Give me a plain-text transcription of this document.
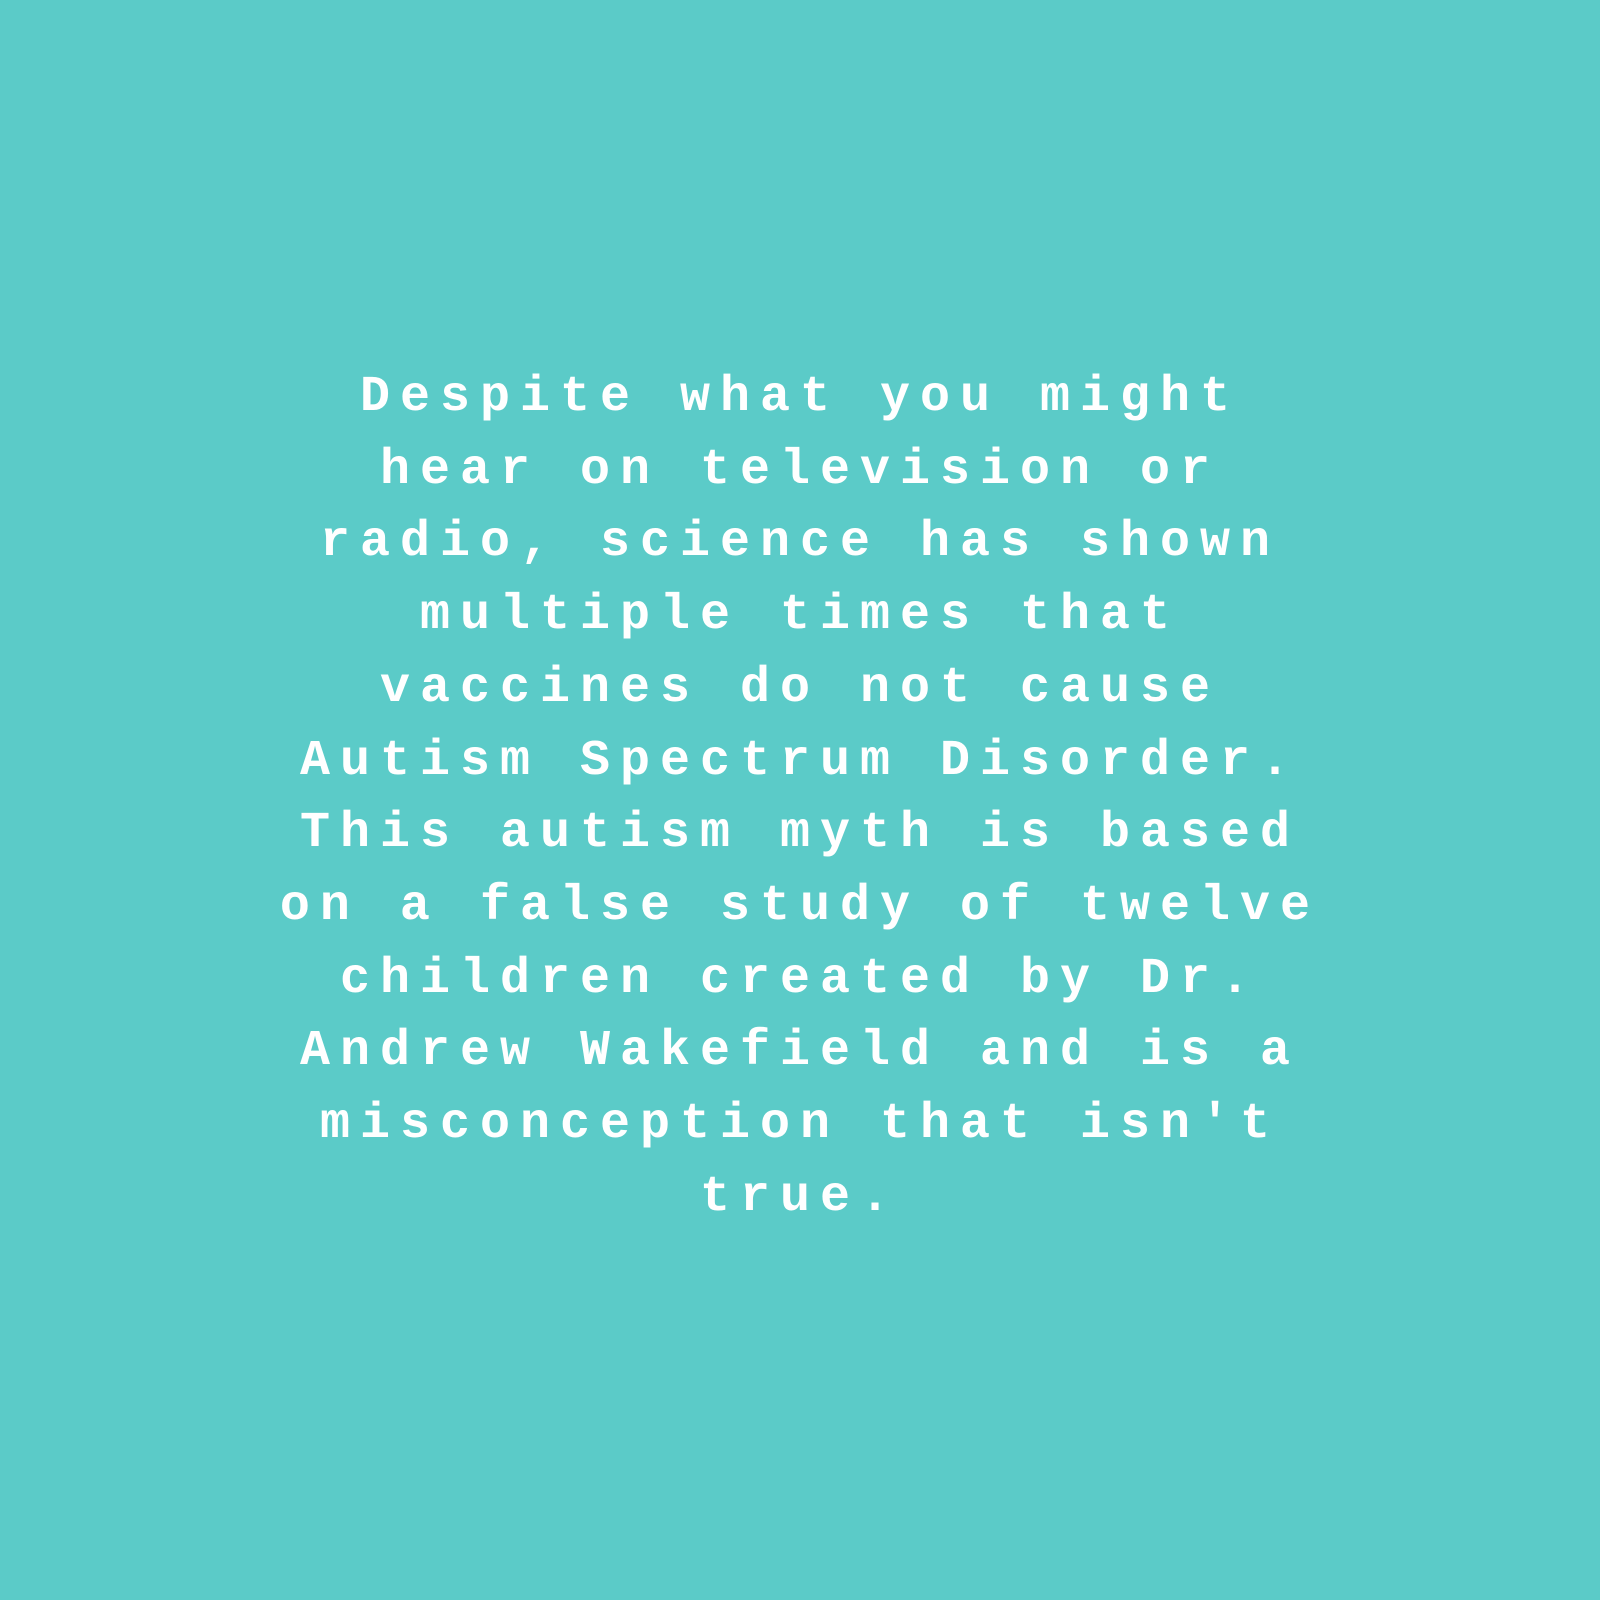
Despite what you might
hear on television or
radio, science has shown
multiple times that
vaccines do not cause
Autism Spectrum Disorder.
This autism myth is based
on a false study of twelve
children created by Dr.
Andrew Wakefield and is a
misconception that isn't
true.
